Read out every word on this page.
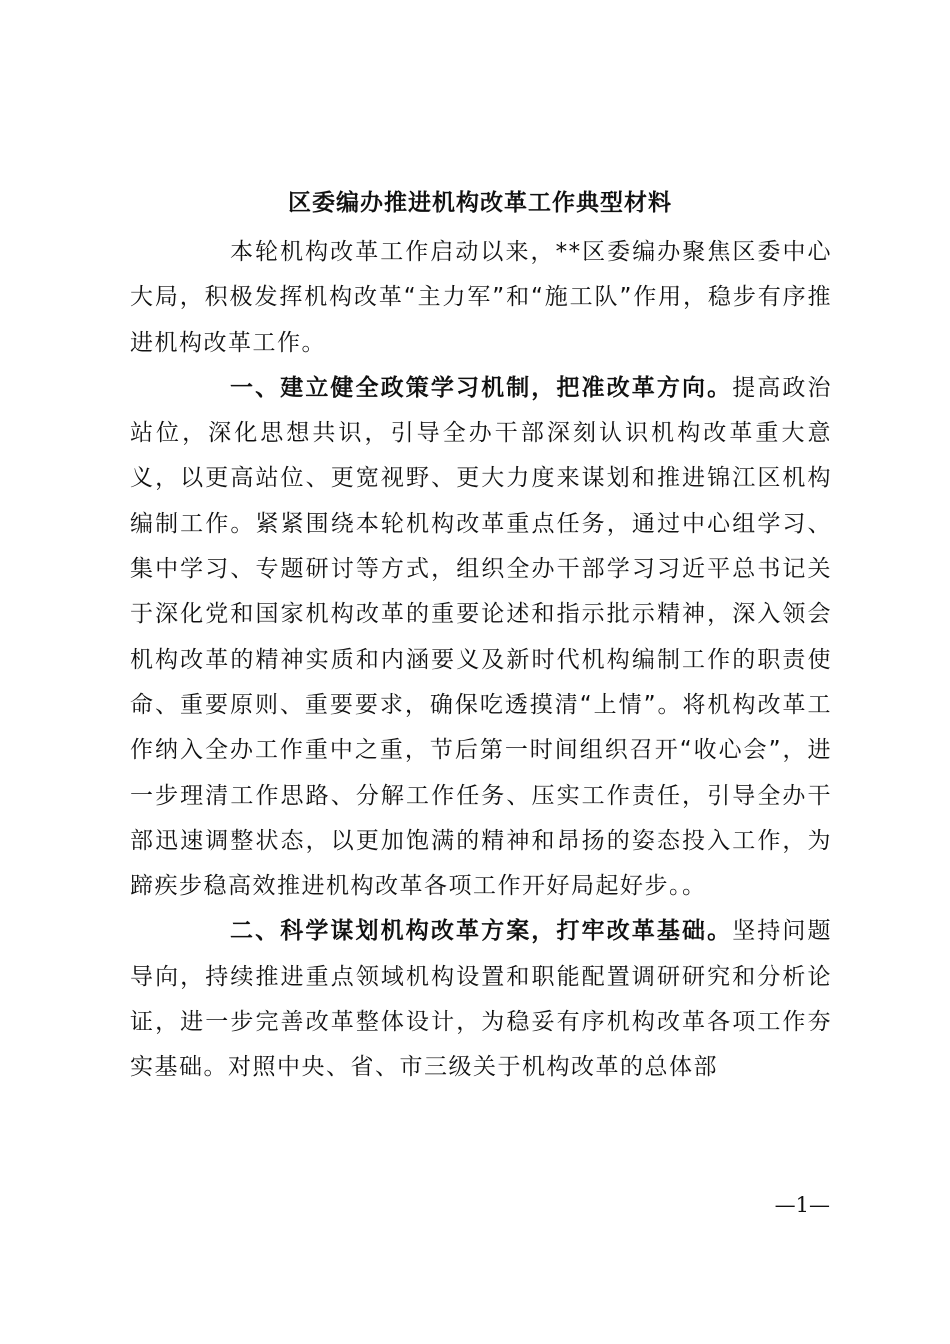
区委编办推进机构改革工作典型材料

本轮机构改革工作启动以来，**区委编办聚焦区委中心大局，积极发挥机构改革“主力军”和“施工队”作用，稳步有序推进机构改革工作。

一、建立健全政策学习机制，把准改革方向。提高政治站位，深化思想共识，引导全办干部深刻认识机构改革重大意义，以更高站位、更宽视野、更大力度来谋划和推进锦江区机构编制工作。紧紧围绕本轮机构改革重点任务，通过中心组学习、集中学习、专题研讨等方式，组织全办干部学习习近平总书记关于深化党和国家机构改革的重要论述和指示批示精神，深入领会机构改革的精神实质和内涵要义及新时代机构编制工作的职责使命、重要原则、重要要求，确保吃透摸清“上情”。将机构改革工作纳入全办工作重中之重，节后第一时间组织召开“收心会”，进一步理清工作思路、分解工作任务、压实工作责任，引导全办干部迅速调整状态，以更加饱满的精神和昂扬的姿态投入工作，为蹄疾步稳高效推进机构改革各项工作开好局起好步。。

二、科学谋划机构改革方案，打牢改革基础。坚持问题导向，持续推进重点领域机构设置和职能配置调研研究和分析论证，进一步完善改革整体设计，为稳妥有序机构改革各项工作夯实基础。对照中央、省、市三级关于机构改革的总体部

—1—
